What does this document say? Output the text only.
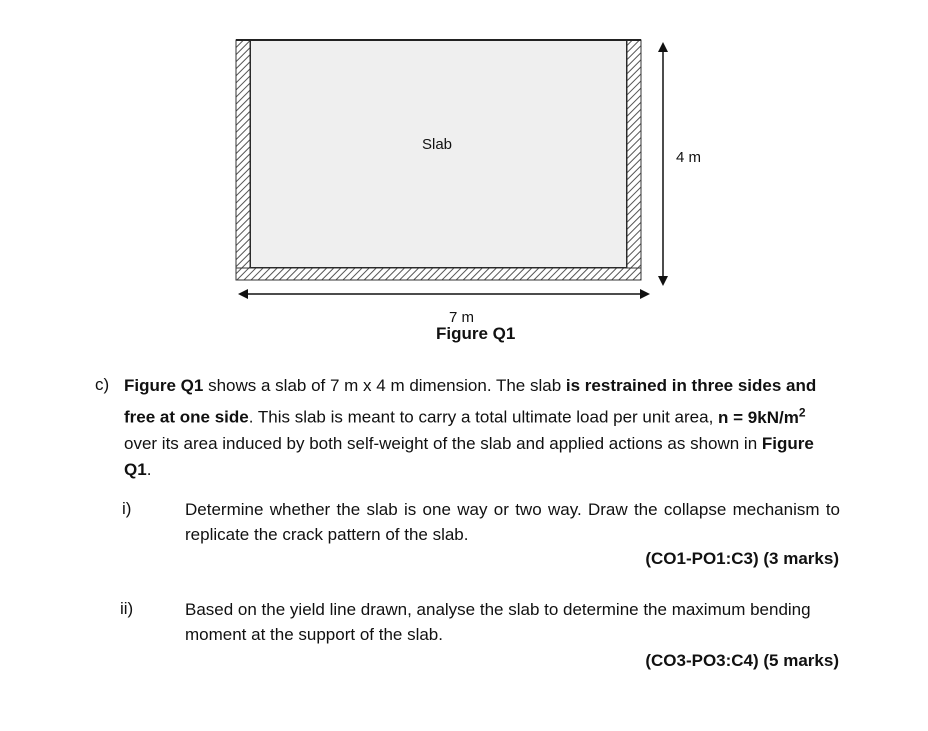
Slab
4 m
7 m

Figure Q1

c) Figure Q1 shows a slab of 7 m x 4 m dimension. The slab is restrained in three sides and free at one side. This slab is meant to carry a total ultimate load per unit area, $n = 9kN/m^2$ over its area induced by both self-weight of the slab and applied actions as shown in Figure Q1.

i)	Determine whether the slab is one way or two way. Draw the collapse mechanism to replicate the crack pattern of the slab.

(CO1-PO1:C3) (3 marks)

ii)	Based on the yield line drawn, analyse the slab to determine the maximum bending moment at the support of the slab.

(CO3-PO3:C4) (5 marks)
